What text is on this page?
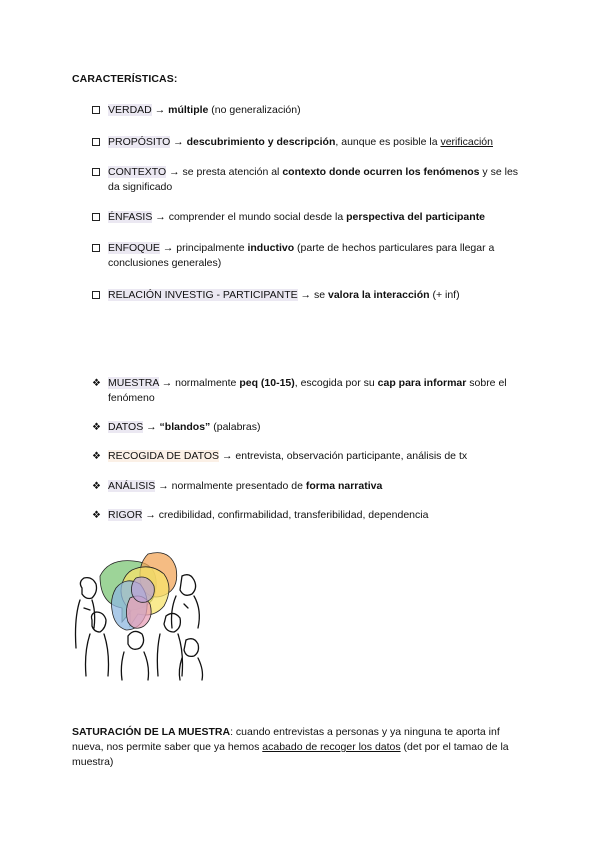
CARACTERÍSTICAS:
VERDAD → múltiple (no generalización)
PROPÓSITO → descubrimiento y descripción, aunque es posible la verificación
CONTEXTO → se presta atención al contexto donde ocurren los fenómenos y se les da significado
ÉNFASIS → comprender el mundo social desde la perspectiva del participante
ENFOQUE → principalmente inductivo (parte de hechos particulares para llegar a conclusiones generales)
RELACIÓN INVESTIG - PARTICIPANTE → se valora la interacción (+ inf)
❖ MUESTRA → normalmente peq (10-15), escogida por su cap para informar sobre el fenómeno
❖ DATOS → “blandos” (palabras)
❖ RECOGIDA DE DATOS → entrevista, observación participante, análisis de tx
❖ ANÁLISIS → normalmente presentado de forma narrativa
❖ RIGOR → credibilidad, confirmabilidad, transferibilidad, dependencia
SATURACIÓN DE LA MUESTRA: cuando entrevistas a personas y ya ninguna te aporta inf nueva, nos permite saber que ya hemos acabado de recoger los datos (det por el tamao de la muestra)
